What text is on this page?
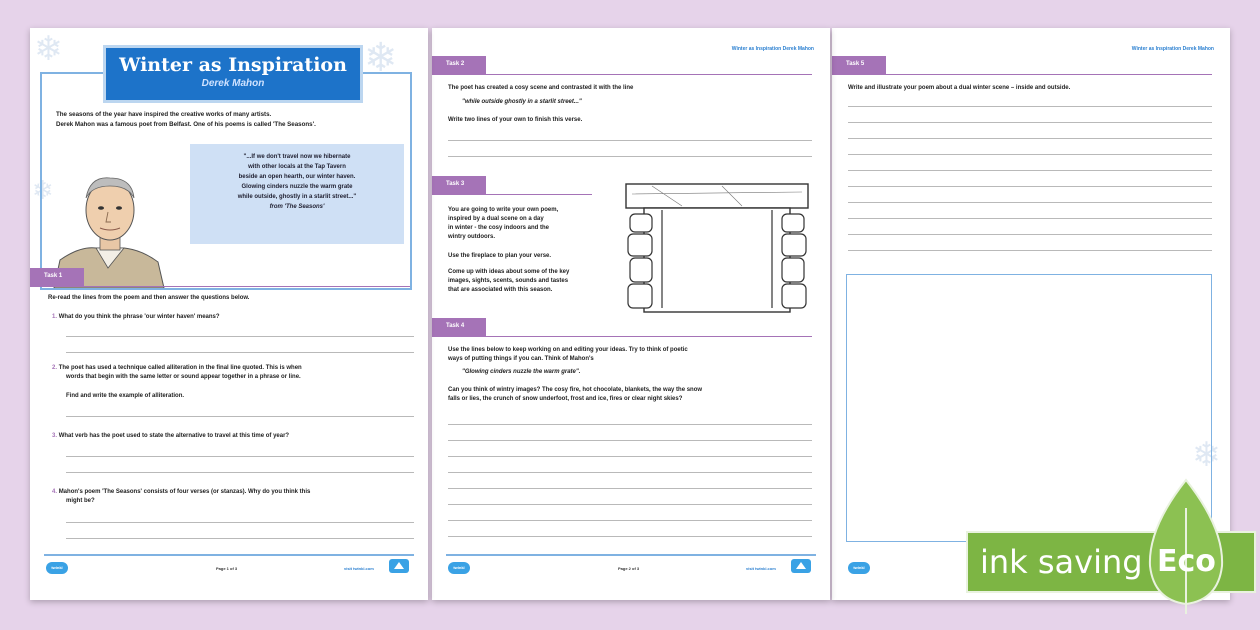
❄	❄
❄
Winter as Inspiration
Derek Mahon
The seasons of the year have inspired the creative works of many artists.
Derek Mahon was a famous poet from Belfast. One of his poems is called 'The Seasons'.
"...If we don't travel now we hibernate
with other locals at the Tap Tavern
beside an open hearth, our winter haven.
Glowing cinders nuzzle the warm grate
while outside, ghostly in a starlit street..."
from 'The Seasons'
Task 1
Re-read the lines from the poem and then answer the questions below.
1. What do you think the phrase 'our winter haven' means?
2. The poet has used a technique called alliteration in the final line quoted. This is when
words that begin with the same letter or sound appear together in a phrase or line.
Find and write the example of alliteration.
3. What verb has the poet used to state the alternative to travel at this time of year?
4. Mahon's poem 'The Seasons' consists of four verses (or stanzas). Why do you think this
might be?
twinkl	Page 1 of 3	visit twinkl.com
Winter as Inspiration Derek Mahon
Task 2
The poet has created a cosy scene and contrasted it with the line
"while outside ghostly in a starlit street..."
Write two lines of your own to finish this verse.
Task 3
You are going to write your own poem,
inspired by a dual scene on a day
in winter - the cosy indoors and the
wintry outdoors.
Use the fireplace to plan your verse.
Come up with ideas about some of the key
images, sights, scents, sounds and tastes
that are associated with this season.
Task 4
Use the lines below to keep working on and editing your ideas. Try to think of poetic
ways of putting things if you can. Think of Mahon's
"Glowing cinders nuzzle the warm grate".
Can you think of wintry images? The cosy fire, hot chocolate, blankets, the way the snow
falls or lies, the crunch of snow underfoot, frost and ice, fires or clear night skies?
twinkl	Page 2 of 3	visit twinkl.com
Winter as Inspiration Derek Mahon
❄
Task 5
Write and illustrate your poem about a dual winter scene – inside and outside.
twinkl	ink saving Eco
